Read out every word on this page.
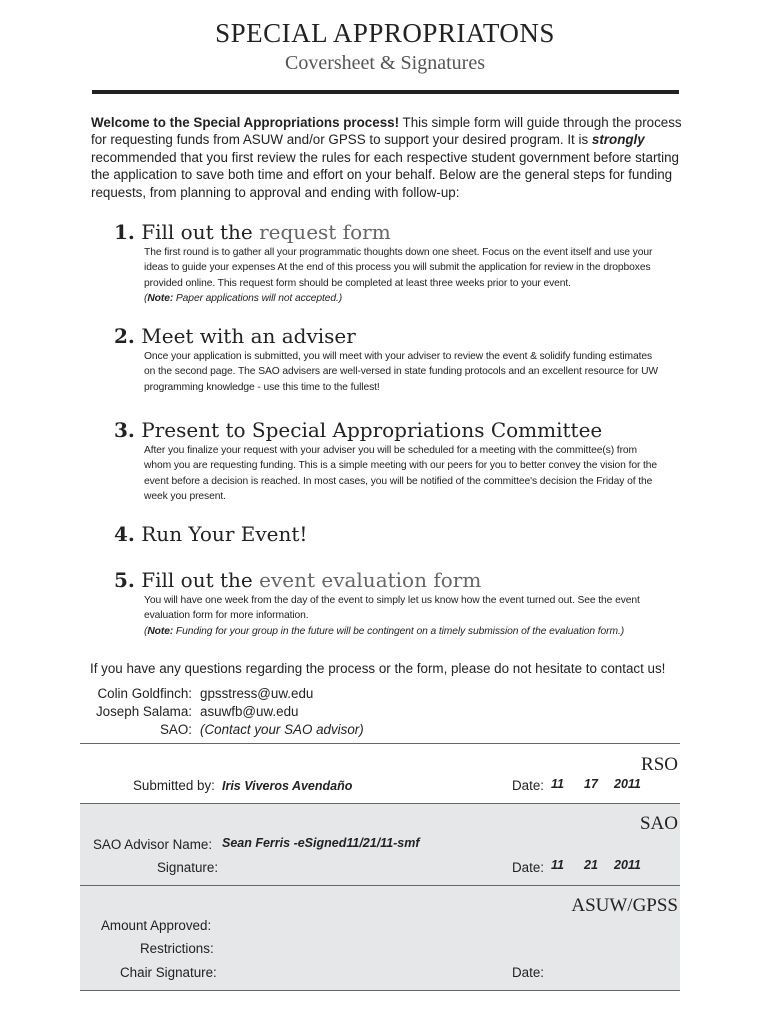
SPECIAL APPROPRIATONS
Coversheet & Signatures
Welcome to the Special Appropriations process! This simple form will guide through the process for requesting funds from ASUW and/or GPSS to support your desired program. It is strongly recommended that you first review the rules for each respective student government before starting the application to save both time and effort on your behalf. Below are the general steps for funding requests, from planning to approval and ending with follow-up:
1. Fill out the request form
The first round is to gather all your programmatic thoughts down one sheet. Focus on the event itself and use your ideas to guide your expenses At the end of this process you will submit the application for review in the dropboxes provided online. This request form should be completed at least three weeks prior to your event.
(Note: Paper applications will not accepted.)
2. Meet with an adviser
Once your application is submitted, you will meet with your adviser to review the event & solidify funding estimates on the second page. The SAO advisers are well-versed in state funding protocols and an excellent resource for UW programming knowledge - use this time to the fullest!
3. Present to Special Appropriations Committee
After you finalize your request with your adviser you will be scheduled for a meeting with the committee(s) from whom you are requesting funding. This is a simple meeting with our peers for you to better convey the vision for the event before a decision is reached. In most cases, you will be notified of the committee's decision the Friday of the week you present.
4. Run Your Event!
5. Fill out the event evaluation form
You will have one week from the day of the event to simply let us know how the event turned out. See the event evaluation form for more information.
(Note: Funding for your group in the future will be contingent on a timely submission of the evaluation form.)
If you have any questions regarding the process or the form, please do not hesitate to contact us!
Colin Goldfinch: gpsstress@uw.edu
Joseph Salama: asuwfb@uw.edu
SAO: (Contact your SAO advisor)
RSO
Submitted by: Iris Viveros Avendaño	Date: 11 17 2011
SAO
SAO Advisor Name: Sean Ferris -eSigned11/21/11-smf
Signature:	Date: 11 21 2011
ASUW/GPSS
Amount Approved:
Restrictions:
Chair Signature:	Date:
